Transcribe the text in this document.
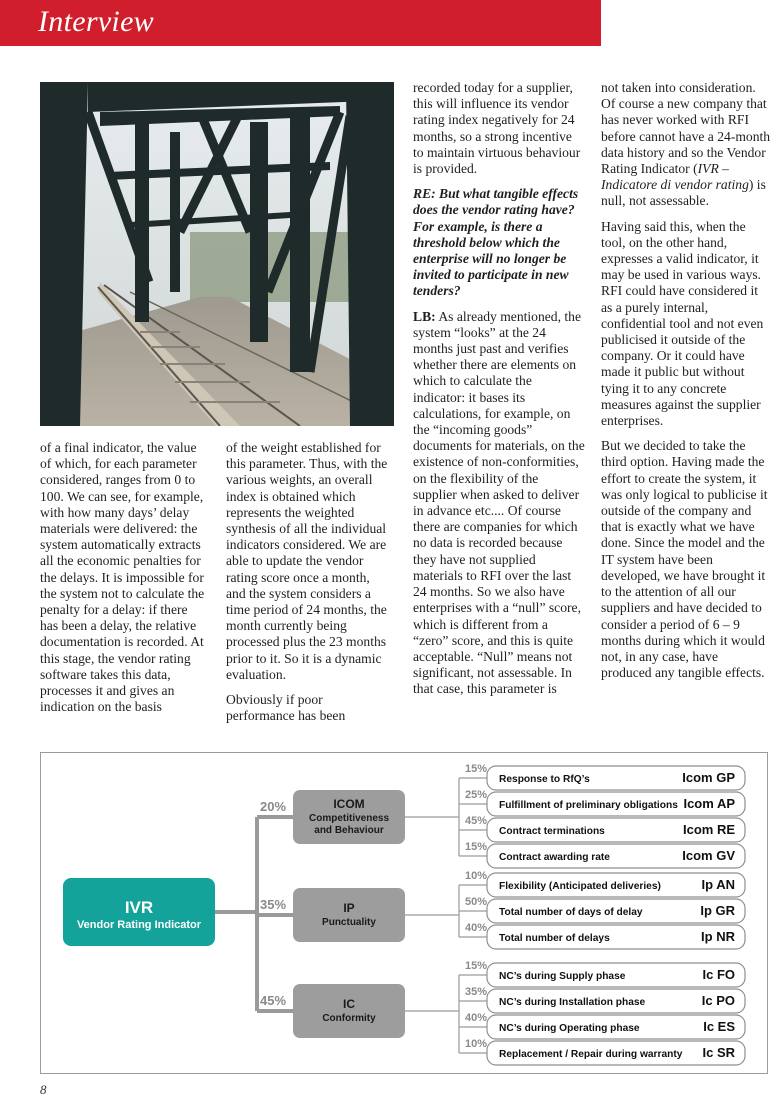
Interview

of a final indicator, the value of which, for each parameter considered, ranges from 0 to 100. We can see, for example, with how many days’ delay materials were delivered: the system automatically extracts all the economic penalties for the delays. It is impossible for the system not to calculate the penalty for a delay: if there has been a delay, the relative documentation is recorded. At this stage, the vendor rating software takes this data, processes it and gives an indication on the basis

of the weight established for this parameter. Thus, with the various weights, an overall index is obtained which represents the weighted synthesis of all the individual indicators considered. We are able to update the vendor rating score once a month, and the system considers a time period of 24 months, the month currently being processed plus the 23 months prior to it. So it is a dynamic evaluation.

Obviously if poor performance has been

recorded today for a supplier, this will influence its vendor rating index negatively for 24 months, so a strong incentive to maintain virtuous behaviour is provided.

RE: But what tangible effects does the vendor rating have? For example, is there a threshold below which the enterprise will no longer be invited to participate in new tenders?

LB: As already mentioned, the system “looks” at the 24 months just past and verifies whether there are elements on which to calculate the indicator: it bases its calculations, for example, on the “incoming goods” documents for materials, on the existence of non-conformities, on the flexibility of the supplier when asked to deliver in advance etc.... Of course there are companies for which no data is recorded because they have not supplied materials to RFI over the last 24 months. So we also have enterprises with a “null” score, which is different from a “zero” score, and this is quite acceptable. “Null” means not significant, not assessable. In that case, this parameter is

not taken into consideration. Of course a new company that has never worked with RFI before cannot have a 24-month data history and so the Vendor Rating Indicator (IVR – Indicatore di vendor rating) is null, not assessable.

Having said this, when the tool, on the other hand, expresses a valid indicator, it may be used in various ways. RFI could have considered it as a purely internal, confidential tool and not even publicised it outside of the company. Or it could have made it public but without tying it to any concrete measures against the supplier enterprises.

But we decided to take the third option. Having made the effort to create the system, it was only logical to publicise it outside of the company and that is exactly what we have done. Since the model and the IT system have been developed, we have brought it to the attention of all our suppliers and have decided to consider a period of 6 – 9 months during which it would not, in any case, have produced any tangible effects.

IVR
Vendor Rating Indicator
20%	ICOM
Competitiveness
and Behaviour
15%
Response to RfQ’s	Icom GP
25%
Fulfillment of preliminary obligations Icom AP
45%
Contract terminations	Icom RE
15%
Contract awarding rate	Icom GV
35%	IP
Punctuality
10%
Flexibility (Anticipated deliveries)	Ip AN
50%
Total number of days of delay	Ip GR
40%
Total number of delays	Ip NR
45%	IC
Conformity
15%
NC’s during Supply phase	Ic FO
35%
NC’s during Installation phase	Ic PO
40%
NC’s during Operating phase	Ic ES
10%
Replacement / Repair during warranty Ic SR
8
